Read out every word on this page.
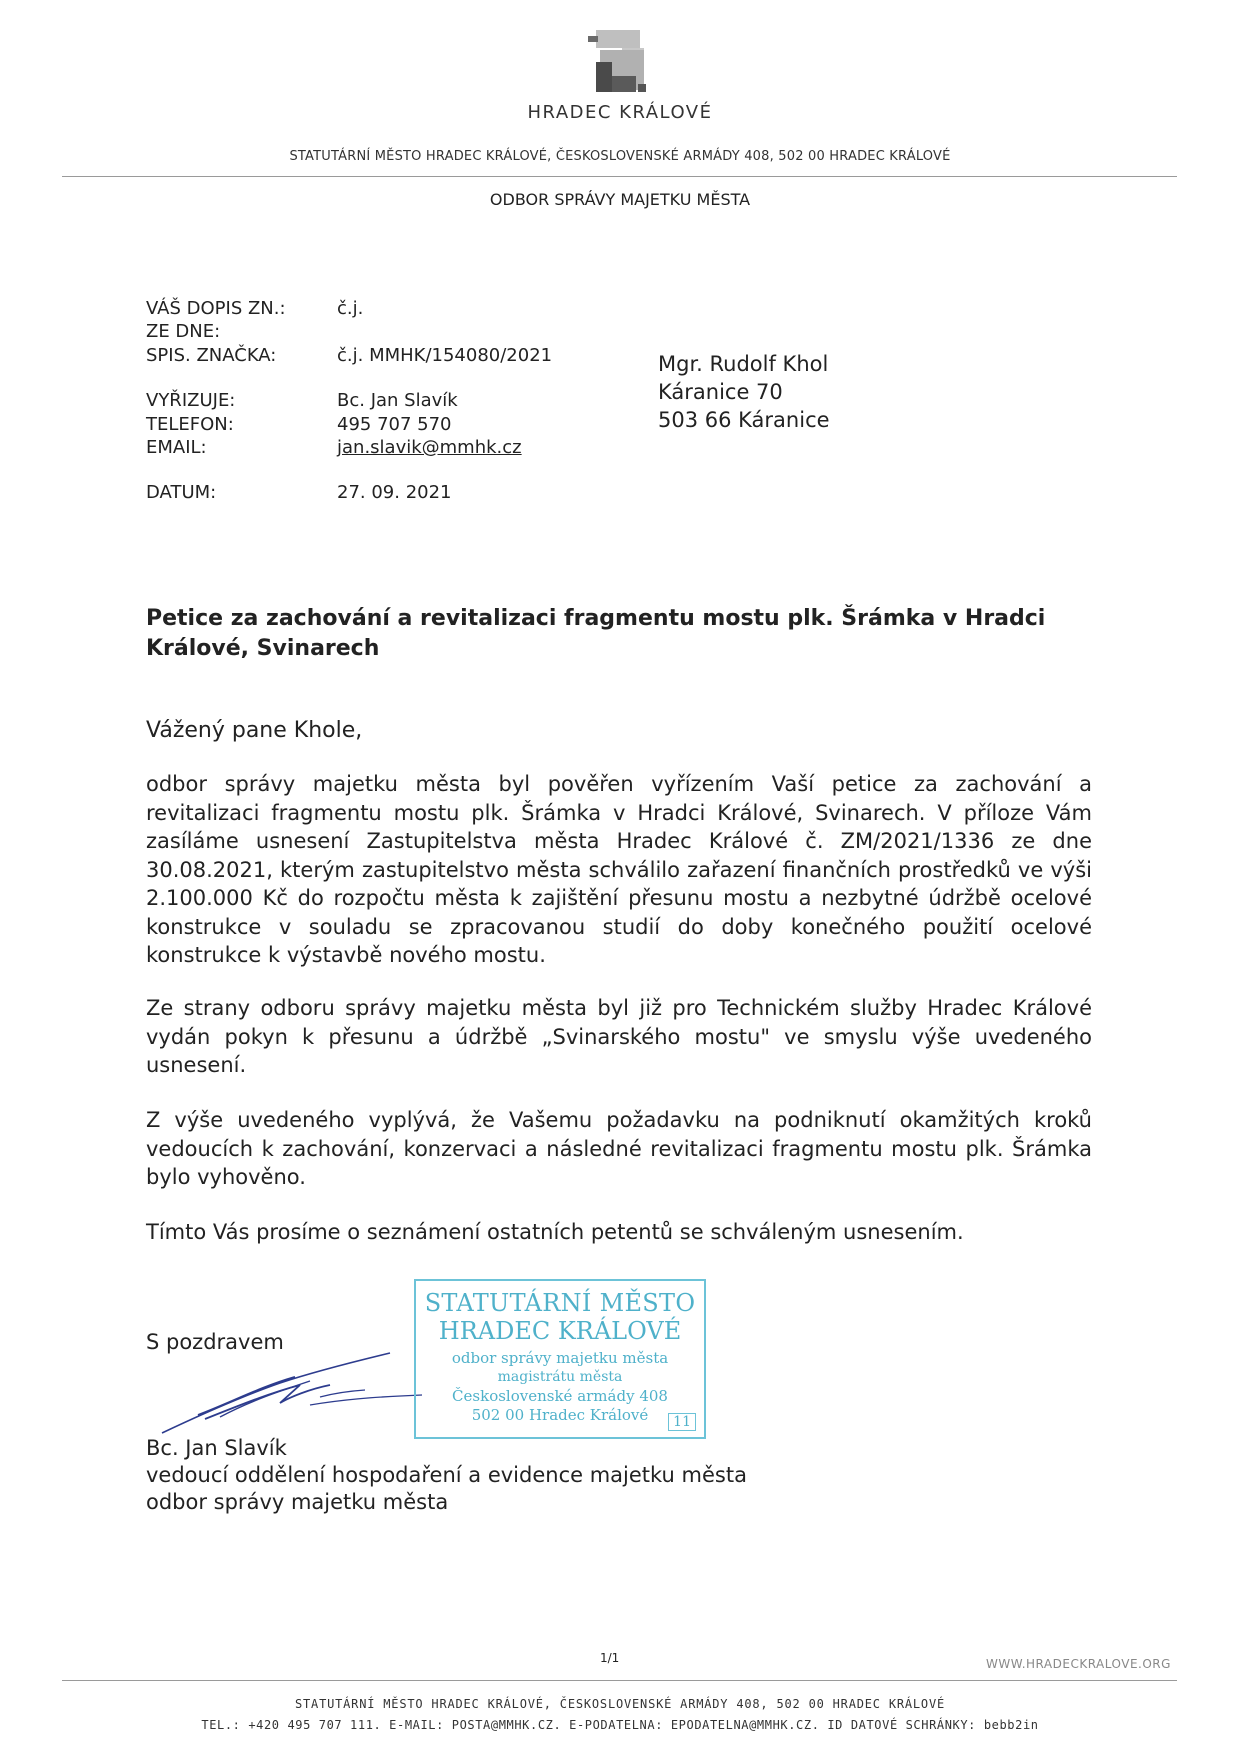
HRADEC KRÁLOVÉ
STATUTÁRNÍ MĚSTO HRADEC KRÁLOVÉ, ČESKOSLOVENSKÉ ARMÁDY 408, 502 00 HRADEC KRÁLOVÉ
ODBOR SPRÁVY MAJETKU MĚSTA
VÁŠ DOPIS ZN.:	č.j.
ZE DNE:
SPIS. ZNAČKA:	č.j. MMHK/154080/2021
VYŘIZUJE:	Bc. Jan Slavík
TELEFON:	495 707 570
EMAIL:	jan.slavik@mmhk.cz
DATUM:	27. 09. 2021
Mgr. Rudolf Khol
Káranice 70
503 66 Káranice
Petice za zachování a revitalizaci fragmentu mostu plk. Šrámka v Hradci Králové, Svinarech
Vážený pane Khole,
odbor správy majetku města byl pověřen vyřízením Vaší petice za zachování a revitalizaci fragmentu mostu plk. Šrámka v Hradci Králové, Svinarech. V příloze Vám zasíláme usnesení Zastupitelstva města Hradec Králové č. ZM/2021/1336 ze dne 30.08.2021, kterým zastupitelstvo města schválilo zařazení finančních prostředků ve výši 2.100.000 Kč do rozpočtu města k zajištění přesunu mostu a nezbytné údržbě ocelové konstrukce v souladu se zpracovanou studií do doby konečného použití ocelové konstrukce k výstavbě nového mostu.
Ze strany odboru správy majetku města byl již pro Technickém služby Hradec Králové vydán pokyn k přesunu a údržbě „Svinarského mostu" ve smyslu výše uvedeného usnesení.
Z výše uvedeného vyplývá, že Vašemu požadavku na podniknutí okamžitých kroků vedoucích k zachování, konzervaci a následné revitalizaci fragmentu mostu plk. Šrámka bylo vyhověno.
Tímto Vás prosíme o seznámení ostatních petentů se schváleným usnesením.
S pozdravem
STATUTÁRNÍ MĚSTO
HRADEC KRÁLOVÉ
odbor správy majetku města
magistrátu města
Československé armády 408
502 00 Hradec Králové	11
Bc. Jan Slavík
vedoucí oddělení hospodaření a evidence majetku města
odbor správy majetku města
1/1	WWW.HRADECKRALOVE.ORG
STATUTÁRNÍ MĚSTO HRADEC KRÁLOVÉ, ČESKOSLOVENSKÉ ARMÁDY 408, 502 00 HRADEC KRÁLOVÉ
TEL.: +420 495 707 111. E-MAIL: POSTA@MMHK.CZ. E-PODATELNA: EPODATELNA@MMHK.CZ. ID DATOVÉ SCHRÁNKY: bebb2in
